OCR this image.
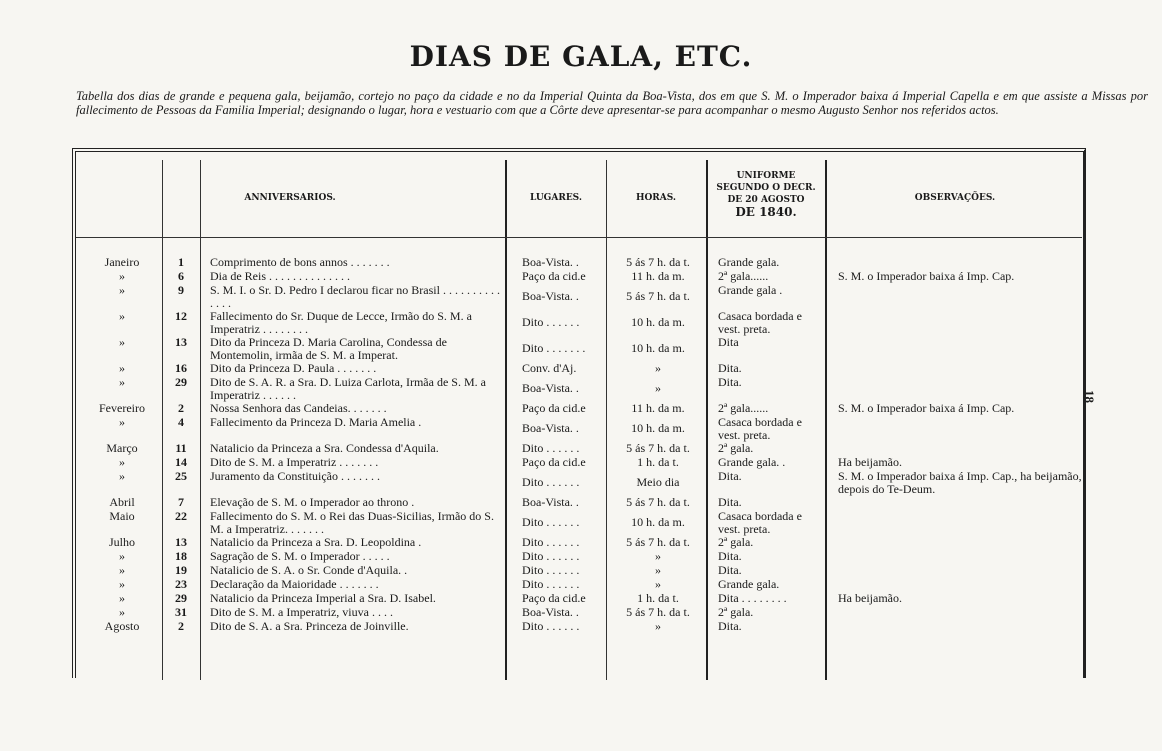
DIAS DE GALA, ETC.
Tabella dos dias de grande e pequena gala, beijamão, cortejo no paço da cidade e no da Imperial Quinta da Boa-Vista, dos em que S. M. o Imperador baixa á Imperial Capella e em que assiste a Missas por fallecimento de Pessoas da Familia Imperial; designando o lugar, hora e vestuario com que a Côrte deve apresentar-se para acompanhar o mesmo Augusto Senhor nos referidos actos.
18
ANNIVERSARIOS.	LUGARES.	HORAS.
UNIFORME
SEGUNDO O DECR.
DE 20 AGOSTO
DE 1840.
OBSERVAÇÕES.
Janeiro	1	Comprimento de bons annos . . . . . . .	Boa-Vista. .	5 ás 7 h. da t.	Grande gala.
»	6	Dia de Reis . . . . . . . . . . . . . .	Paço da cid.e	11 h. da m.	2ª gala......	S. M. o Imperador baixa á Imp. Cap.
»	9	S. M. I. o Sr. D. Pedro I declarou ficar no Brasil . . . . . . . . . . . . . .	Boa-Vista. .	5 ás 7 h. da t.	Grande gala .
»	12	Fallecimento do Sr. Duque de Lecce, Irmão do S. M. a Imperatriz . . . . . . . .	Dito . . . . . .	10 h. da m.	Casaca bordada e vest. preta.
»	13	Dito da Princeza D. Maria Carolina, Condessa de Montemolin, irmãa de S. M. a Imperat.	Dito . . . . . . .	10 h. da m.	Dita
»	16	Dito da Princeza D. Paula . . . . . . .	Conv. d'Aj.	»	Dita.
»	29	Dito de S. A. R. a Sra. D. Luiza Carlota, Irmãa de S. M. a Imperatriz . . . . . .	Boa-Vista. .	»	Dita.
Fevereiro	2	Nossa Senhora das Candeias. . . . . . .	Paço da cid.e	11 h. da m.	2ª gala......	S. M. o Imperador baixa á Imp. Cap.
»	4	Fallecimento da Princeza D. Maria Amelia .	Boa-Vista. .	10 h. da m.	Casaca bordada e vest. preta.
Março	11	Natalicio da Princeza a Sra. Condessa d'Aquila.	Dito . . . . . .	5 ás 7 h. da t.	2ª gala.
»	14	Dito de S. M. a Imperatriz . . . . . . .	Paço da cid.e	1 h. da t.	Grande gala. .	Ha beijamão.
»	25	Juramento da Constituição . . . . . . .	Dito . . . . . .	Meio dia	Dita.	S. M. o Imperador baixa á Imp. Cap., ha beijamão, depois do Te-Deum.
Abril	7	Elevação de S. M. o Imperador ao throno .	Boa-Vista. .	5 ás 7 h. da t.	Dita.
Maio	22	Fallecimento do S. M. o Rei das Duas-Sicilias, Irmão do S. M. a Imperatriz. . . . . . .	Dito . . . . . .	10 h. da m.	Casaca bordada e vest. preta.
Julho	13	Natalicio da Princeza a Sra. D. Leopoldina .	Dito . . . . . .	5 ás 7 h. da t.	2ª gala.
»	18	Sagração de S. M. o Imperador . . . . .	Dito . . . . . .	»	Dita.
»	19	Natalicio de S. A. o Sr. Conde d'Aquila. .	Dito . . . . . .	»	Dita.
»	23	Declaração da Maioridade . . . . . . .	Dito . . . . . .	»	Grande gala.
»	29	Natalicio da Princeza Imperial a Sra. D. Isabel.	Paço da cid.e	1 h. da t.	Dita . . . . . . . .	Ha beijamão.
»	31	Dito de S. M. a Imperatriz, viuva . . . .	Boa-Vista. .	5 ás 7 h. da t.	2ª gala.
Agosto	2	Dito de S. A. a Sra. Princeza de Joinville.	Dito . . . . . .	»	Dita.
